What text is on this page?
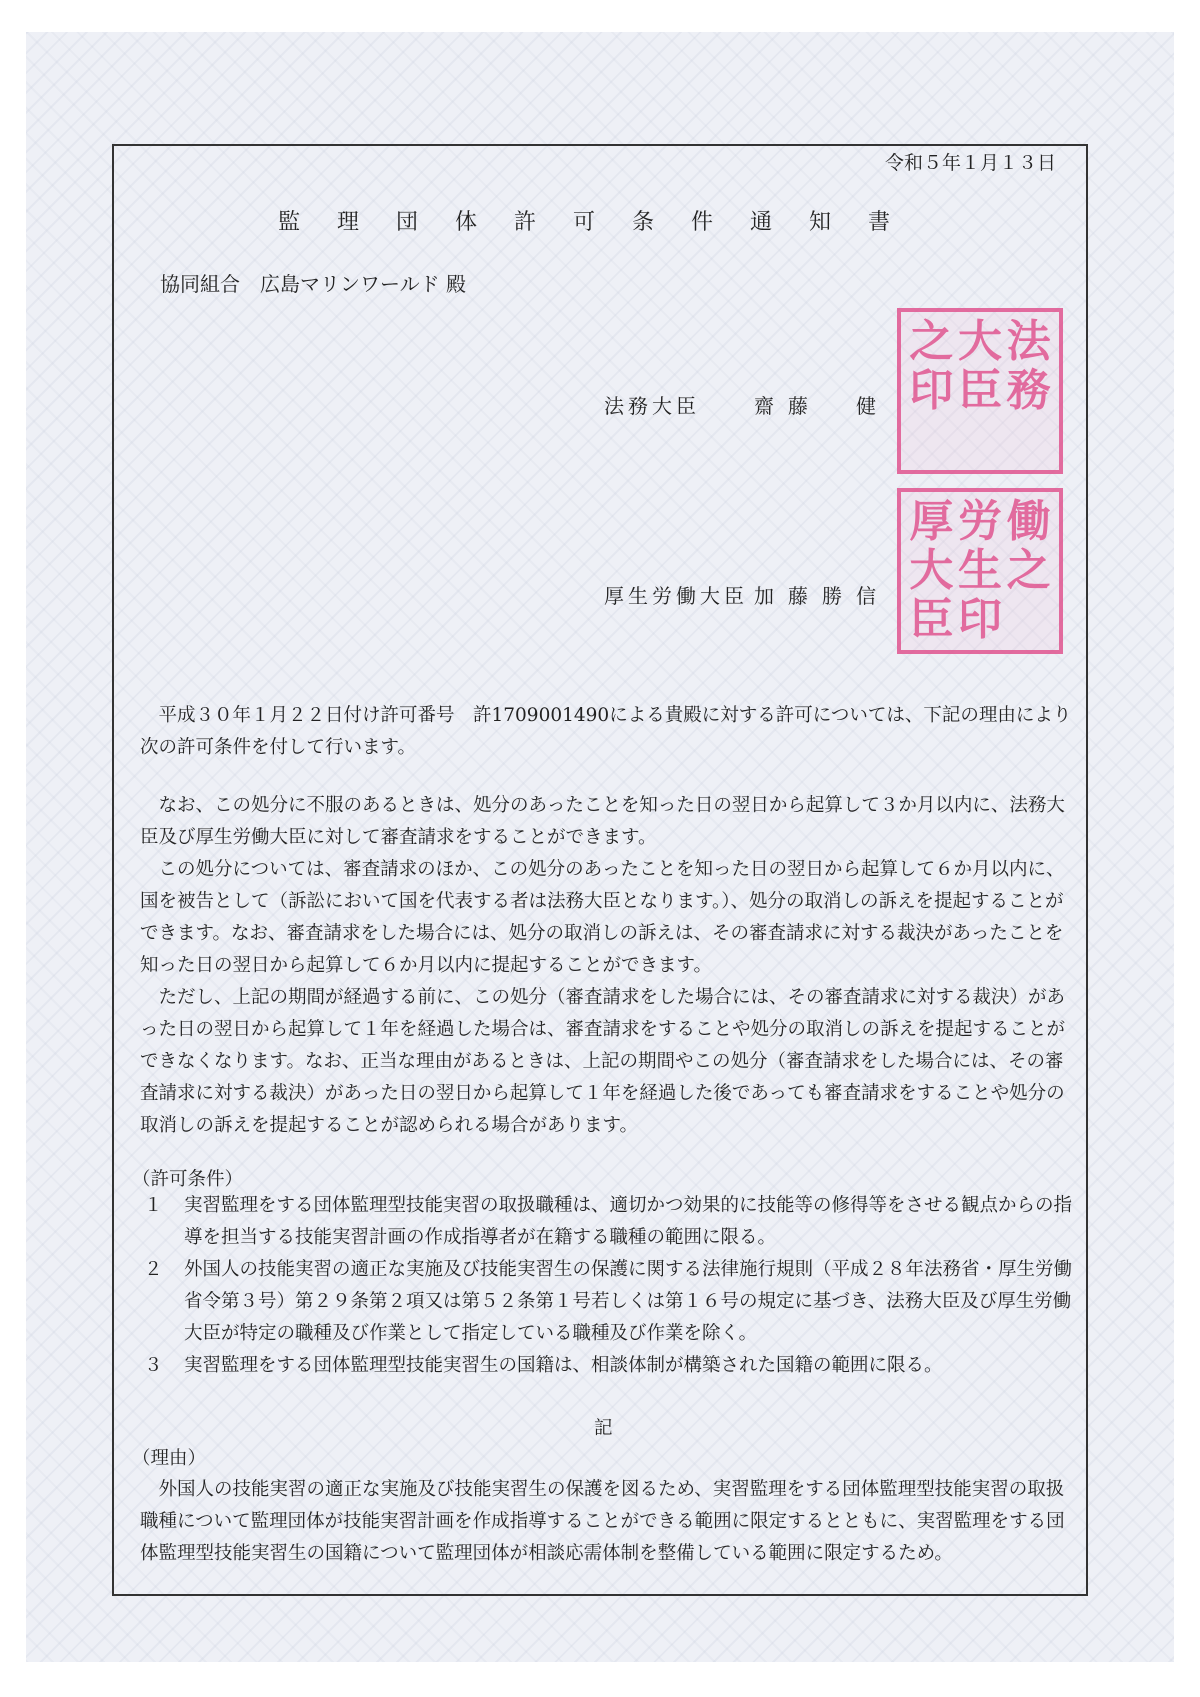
令和５年１月１３日
監理団体許可条件通知書
協同組合　広島マリンワールド 殿
法務大臣	齋藤　健
之 大 法
印 臣 務
厚生労働大臣 加藤勝信
厚 労 働
大 生 之
臣 印
平成３０年１月２２日付け許可番号　許1709001490による貴殿に対する許可については、下記の理由により次の許可条件を付して行います。
なお、この処分に不服のあるときは、処分のあったことを知った日の翌日から起算して３か月以内に、法務大臣及び厚生労働大臣に対して審査請求をすることができます。
この処分については、審査請求のほか、この処分のあったことを知った日の翌日から起算して６か月以内に、国を被告として（訴訟において国を代表する者は法務大臣となります。）、処分の取消しの訴えを提起することができます。なお、審査請求をした場合には、処分の取消しの訴えは、その審査請求に対する裁決があったことを知った日の翌日から起算して６か月以内に提起することができます。
ただし、上記の期間が経過する前に、この処分（審査請求をした場合には、その審査請求に対する裁決）があった日の翌日から起算して１年を経過した場合は、審査請求をすることや処分の取消しの訴えを提起することができなくなります。なお、正当な理由があるときは、上記の期間やこの処分（審査請求をした場合には、その審査請求に対する裁決）があった日の翌日から起算して１年を経過した後であっても審査請求をすることや処分の取消しの訴えを提起することが認められる場合があります。
（許可条件）
１	実習監理をする団体監理型技能実習の取扱職種は、適切かつ効果的に技能等の修得等をさせる観点からの指導を担当する技能実習計画の作成指導者が在籍する職種の範囲に限る。
２	外国人の技能実習の適正な実施及び技能実習生の保護に関する法律施行規則（平成２８年法務省・厚生労働省令第３号）第２９条第２項又は第５２条第１号若しくは第１６号の規定に基づき、法務大臣及び厚生労働大臣が特定の職種及び作業として指定している職種及び作業を除く。
３	実習監理をする団体監理型技能実習生の国籍は、相談体制が構築された国籍の範囲に限る。
記
（理由）
外国人の技能実習の適正な実施及び技能実習生の保護を図るため、実習監理をする団体監理型技能実習の取扱職種について監理団体が技能実習計画を作成指導することができる範囲に限定するとともに、実習監理をする団体監理型技能実習生の国籍について監理団体が相談応需体制を整備している範囲に限定するため。
